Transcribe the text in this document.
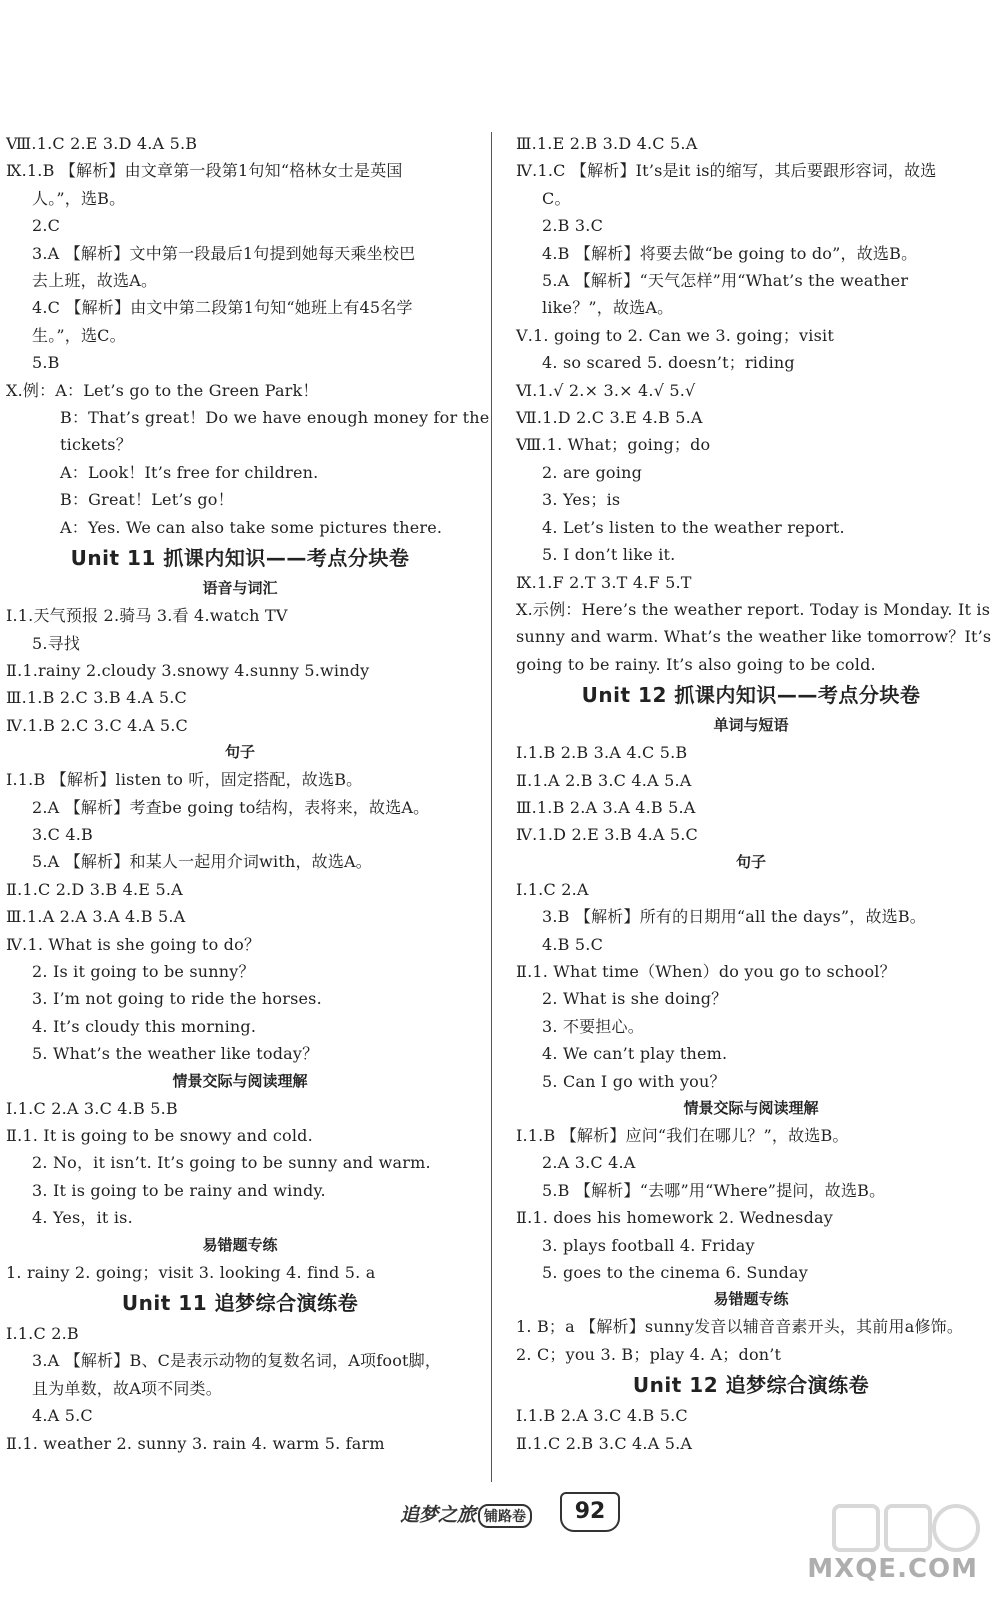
Ⅷ.1.C 2.E 3.D 4.A 5.B
Ⅸ.1.B 【解析】由文章第一段第1句知“格林女士是英国
人。”，选B。
2.C
3.A 【解析】文中第一段最后1句提到她每天乘坐校巴
去上班，故选A。
4.C 【解析】由文中第二段第1句知“她班上有45名学
生。”，选C。
5.B
Ⅹ.例：A：Let’s go to the Green Park！
B：That’s great！Do we have enough money for the
tickets？
A：Look！It’s free for children.
B：Great！Let’s go！
A：Yes. We can also take some pictures there.
Unit 11 抓课内知识——考点分块卷
语音与词汇
Ⅰ.1.天气预报 2.骑马 3.看 4.watch TV
5.寻找
Ⅱ.1.rainy 2.cloudy 3.snowy 4.sunny 5.windy
Ⅲ.1.B 2.C 3.B 4.A 5.C
Ⅳ.1.B 2.C 3.C 4.A 5.C
句子
Ⅰ.1.B 【解析】listen to 听，固定搭配，故选B。
2.A 【解析】考查be going to结构，表将来，故选A。
3.C 4.B
5.A 【解析】和某人一起用介词with，故选A。
Ⅱ.1.C 2.D 3.B 4.E 5.A
Ⅲ.1.A 2.A 3.A 4.B 5.A
Ⅳ.1. What is she going to do？
2. Is it going to be sunny？
3. I’m not going to ride the horses.
4. It’s cloudy this morning.
5. What’s the weather like today？
情景交际与阅读理解
Ⅰ.1.C 2.A 3.C 4.B 5.B
Ⅱ.1. It is going to be snowy and cold.
2. No，it isn’t. It’s going to be sunny and warm.
3. It is going to be rainy and windy.
4. Yes，it is.
易错题专练
1. rainy 2. going；visit 3. looking 4. find 5. a
Unit 11 追梦综合演练卷
Ⅰ.1.C 2.B
3.A 【解析】B、C是表示动物的复数名词，A项foot脚，
且为单数，故A项不同类。
4.A 5.C
Ⅱ.1. weather 2. sunny 3. rain 4. warm 5. farm
Ⅲ.1.E 2.B 3.D 4.C 5.A
Ⅳ.1.C 【解析】It’s是it is的缩写，其后要跟形容词，故选
C。
2.B 3.C
4.B 【解析】将要去做“be going to do”，故选B。
5.A 【解析】“天气怎样”用“What’s the weather
like？”，故选A。
Ⅴ.1. going to 2. Can we 3. going；visit
4. so scared 5. doesn’t；riding
Ⅵ.1.√ 2.× 3.× 4.√ 5.√
Ⅶ.1.D 2.C 3.E 4.B 5.A
Ⅷ.1. What；going；do
2. are going
3. Yes；is
4. Let’s listen to the weather report.
5. I don’t like it.
Ⅸ.1.F 2.T 3.T 4.F 5.T
Ⅹ.示例：Here’s the weather report. Today is Monday. It is
sunny and warm. What’s the weather like tomorrow？It’s
going to be rainy. It’s also going to be cold.
Unit 12 抓课内知识——考点分块卷
单词与短语
Ⅰ.1.B 2.B 3.A 4.C 5.B
Ⅱ.1.A 2.B 3.C 4.A 5.A
Ⅲ.1.B 2.A 3.A 4.B 5.A
Ⅳ.1.D 2.E 3.B 4.A 5.C
句子
Ⅰ.1.C 2.A
3.B 【解析】所有的日期用“all the days”，故选B。
4.B 5.C
Ⅱ.1. What time（When）do you go to school？
2. What is she doing？
3. 不要担心。
4. We can’t play them.
5. Can I go with you？
情景交际与阅读理解
Ⅰ.1.B 【解析】应问“我们在哪儿？”，故选B。
2.A 3.C 4.A
5.B 【解析】“去哪”用“Where”提问，故选B。
Ⅱ.1. does his homework 2. Wednesday
3. plays football 4. Friday
5. goes to the cinema 6. Sunday
易错题专练
1. B；a 【解析】sunny发音以辅音音素开头，其前用a修饰。
2. C；you 3. B；play 4. A；don’t
Unit 12 追梦综合演练卷
Ⅰ.1.B 2.A 3.C 4.B 5.C
Ⅱ.1.C 2.B 3.C 4.A 5.A
追梦之旅 铺路卷	92
MXQE.COM
